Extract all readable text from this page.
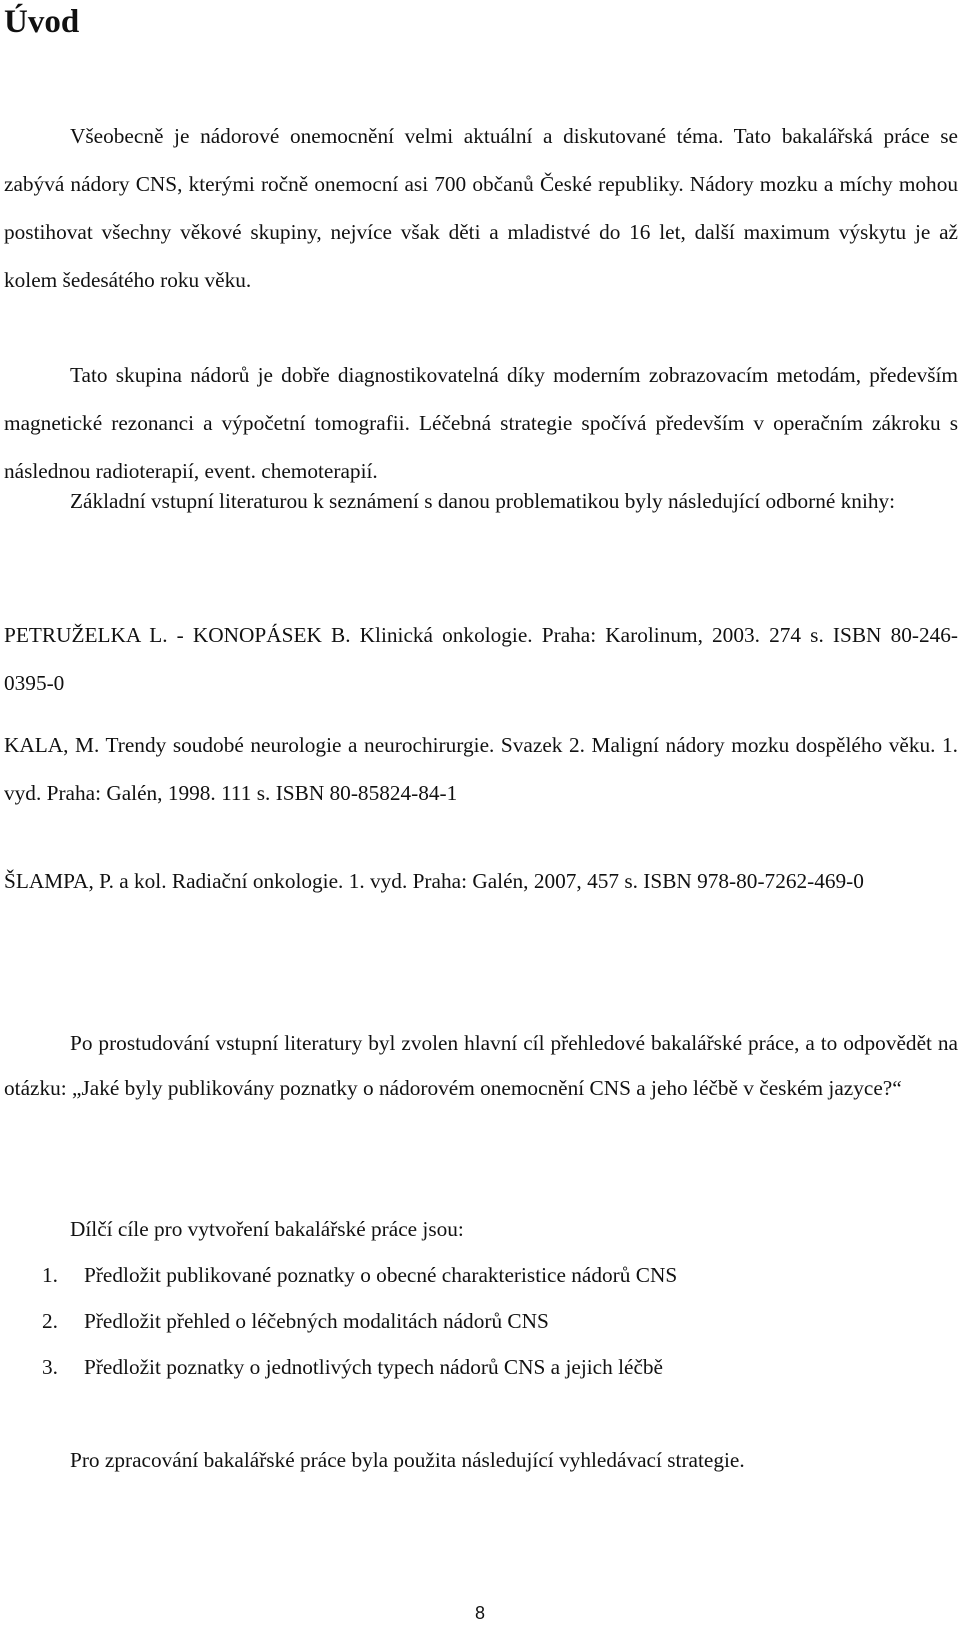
Úvod

Všeobecně je nádorové onemocnění velmi aktuální a diskutované téma. Tato bakalářská práce se zabývá nádory CNS, kterými ročně onemocní asi 700 občanů České republiky. Nádory mozku a míchy mohou postihovat všechny věkové skupiny, nejvíce však děti a mladistvé do 16 let, další maximum výskytu je až kolem šedesátého roku věku.

Tato skupina nádorů je dobře diagnostikovatelná díky moderním zobrazovacím metodám, především magnetické rezonanci a výpočetní tomografii. Léčebná strategie spočívá především v operačním zákroku s následnou radioterapií, event. chemoterapií.

Základní vstupní literaturou k seznámení s danou problematikou byly následující odborné knihy:

PETRUŽELKA L. - KONOPÁSEK B. Klinická onkologie. Praha: Karolinum, 2003. 274 s. ISBN 80-246-0395-0

KALA, M. Trendy soudobé neurologie a neurochirurgie. Svazek 2. Maligní nádory mozku dospělého věku. 1. vyd. Praha: Galén, 1998. 111 s. ISBN 80-85824-84-1

ŠLAMPA, P. a kol. Radiační onkologie. 1. vyd. Praha: Galén, 2007, 457 s. ISBN 978-80-7262-469-0

Po prostudování vstupní literatury byl zvolen hlavní cíl přehledové bakalářské práce, a to odpovědět na otázku: „Jaké byly publikovány poznatky o nádorovém onemocnění CNS a jeho léčbě v českém jazyce?“

Dílčí cíle pro vytvoření bakalářské práce jsou:

1. Předložit publikované poznatky o obecné charakteristice nádorů CNS
2. Předložit přehled o léčebných modalitách nádorů CNS
3. Předložit poznatky o jednotlivých typech nádorů CNS a jejich léčbě

Pro zpracování bakalářské práce byla použita následující vyhledávací strategie.

8
